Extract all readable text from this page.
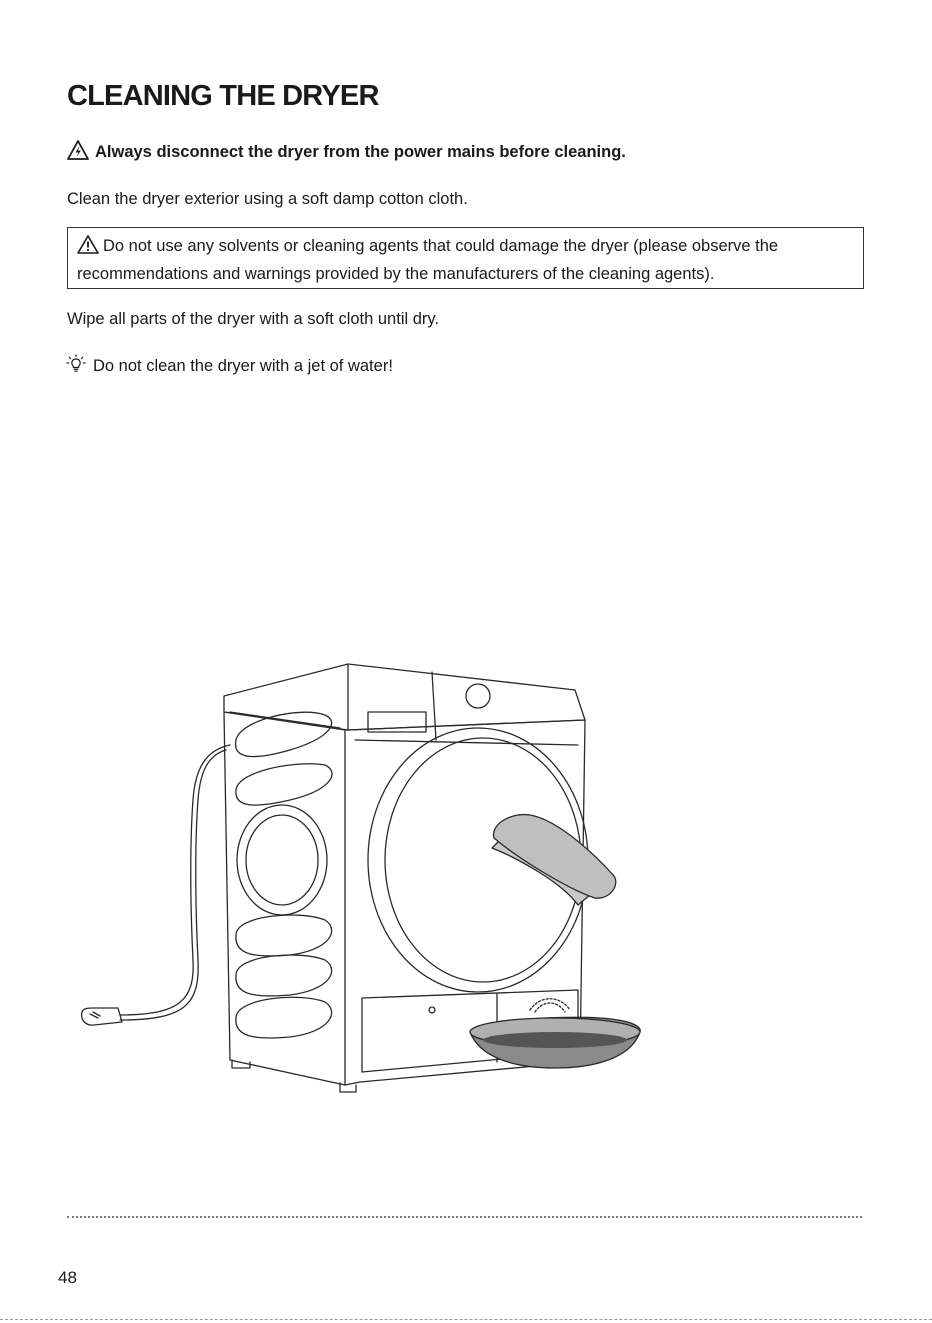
CLEANING THE DRYER
Always disconnect the dryer from the power mains before cleaning.
Clean the dryer exterior using a soft damp cotton cloth.
Do not use any solvents or cleaning agents that could damage the dryer (please observe the
recommendations and warnings provided by the manufacturers of the cleaning agents).
Wipe all parts of the dryer with a soft cloth until dry.
Do not clean the dryer with a jet of water!
48
